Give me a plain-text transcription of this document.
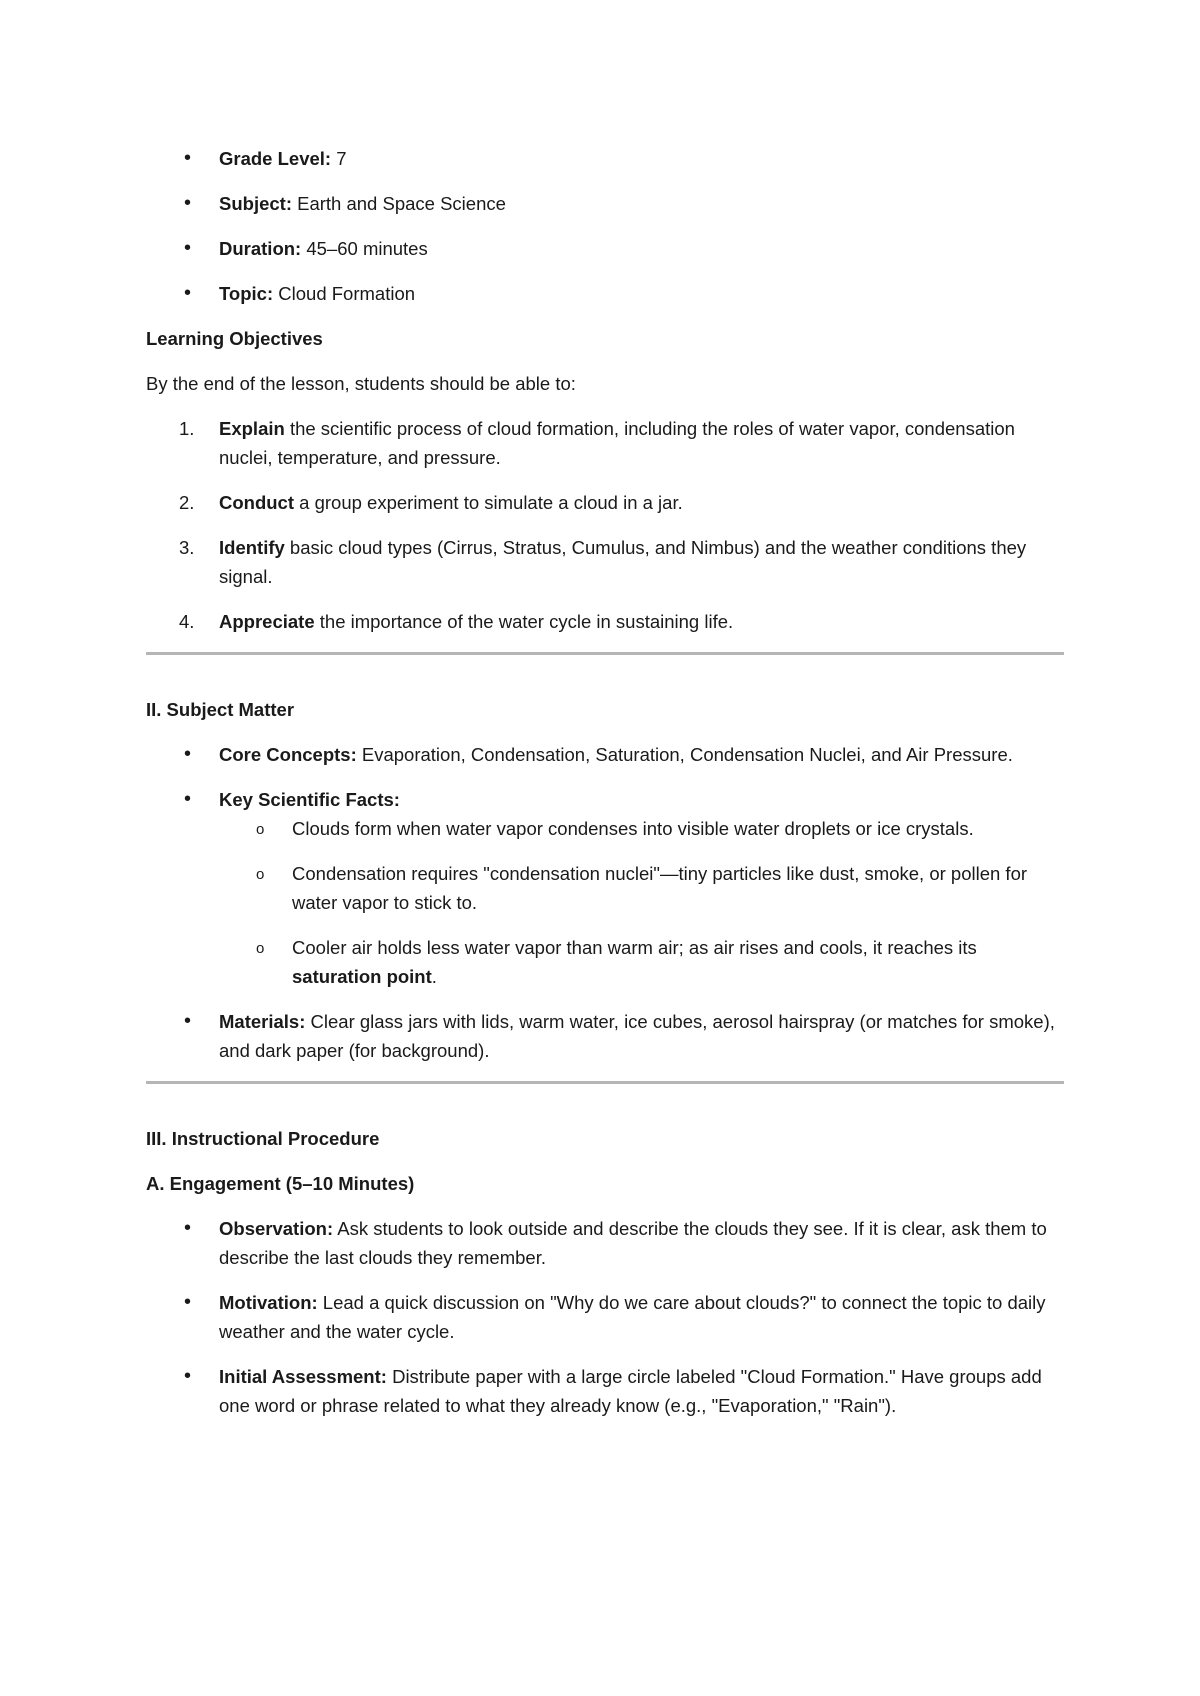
• Grade Level: 7
• Subject: Earth and Space Science
• Duration: 45–60 minutes
• Topic: Cloud Formation
Learning Objectives
By the end of the lesson, students should be able to:
1. Explain the scientific process of cloud formation, including the roles of water vapor, condensation nuclei, temperature, and pressure.
2. Conduct a group experiment to simulate a cloud in a jar.
3. Identify basic cloud types (Cirrus, Stratus, Cumulus, and Nimbus) and the weather conditions they signal.
4. Appreciate the importance of the water cycle in sustaining life.
II. Subject Matter
• Core Concepts: Evaporation, Condensation, Saturation, Condensation Nuclei, and Air Pressure.
• Key Scientific Facts:
o Clouds form when water vapor condenses into visible water droplets or ice crystals.
o Condensation requires "condensation nuclei"—tiny particles like dust, smoke, or pollen for water vapor to stick to.
o Cooler air holds less water vapor than warm air; as air rises and cools, it reaches its saturation point.
• Materials: Clear glass jars with lids, warm water, ice cubes, aerosol hairspray (or matches for smoke), and dark paper (for background).
III. Instructional Procedure
A. Engagement (5–10 Minutes)
• Observation: Ask students to look outside and describe the clouds they see. If it is clear, ask them to describe the last clouds they remember.
• Motivation: Lead a quick discussion on "Why do we care about clouds?" to connect the topic to daily weather and the water cycle.
• Initial Assessment: Distribute paper with a large circle labeled "Cloud Formation." Have groups add one word or phrase related to what they already know (e.g., "Evaporation," "Rain").
